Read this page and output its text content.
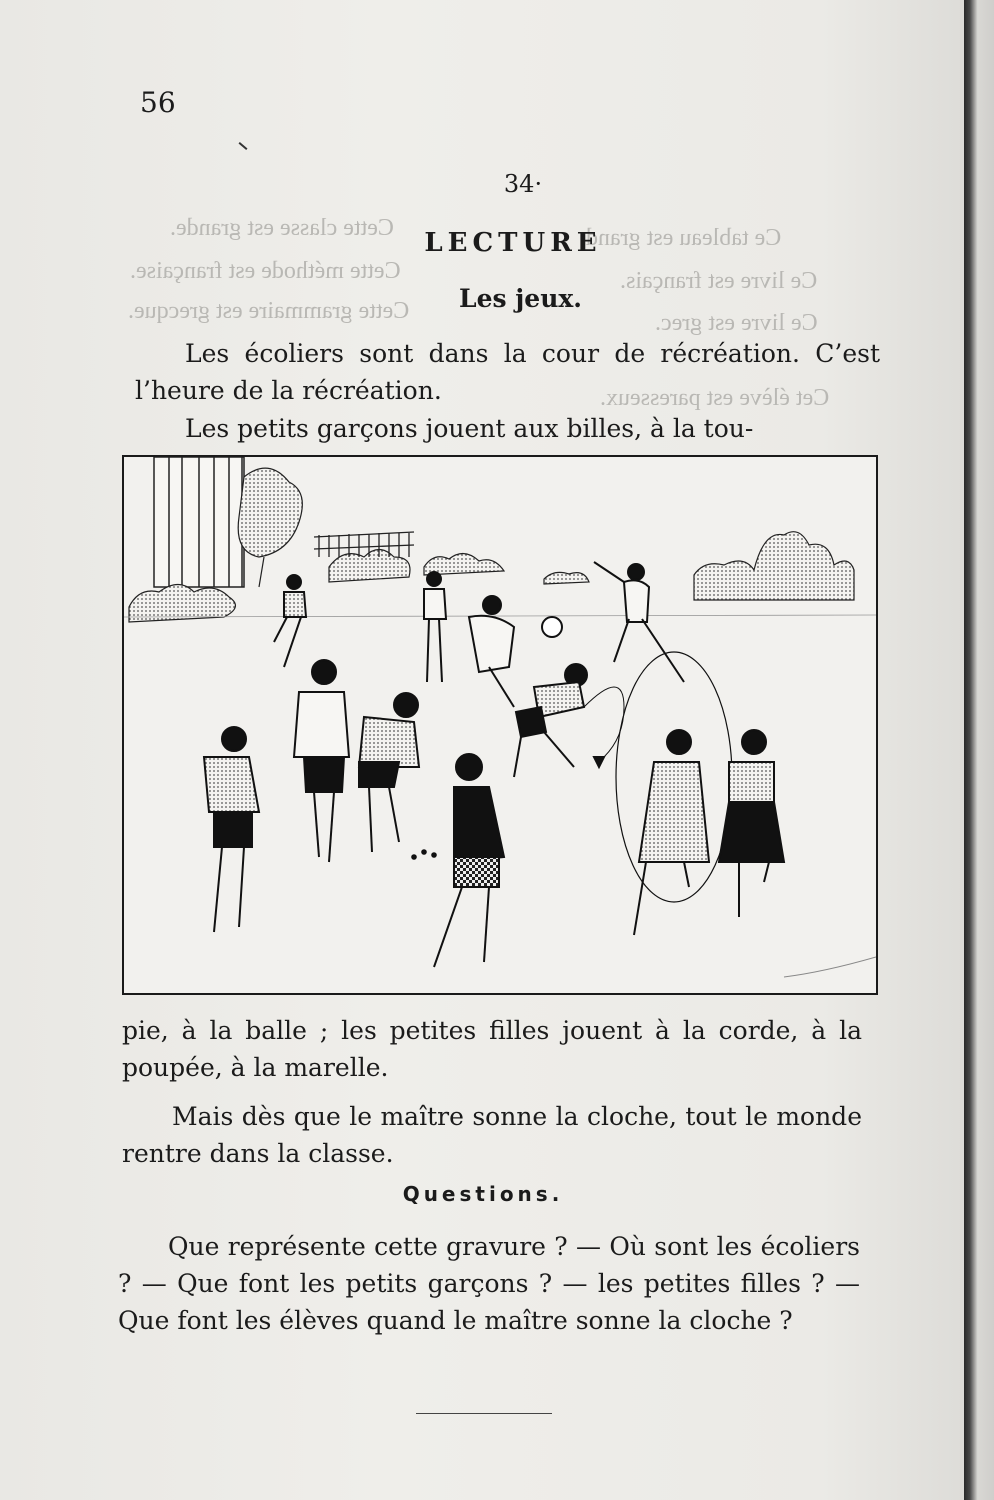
Ce tableau est grand.
Cette classe est grande.
Ce livre est français.
Cette méthode est française.
Ce livre est grec.
Cette grammaire est grecque.
Cet élève est paresseux.
56
34·
LECTURE
Les jeux.
Les écoliers sont dans la cour de récréation. C’est l’heure de la récréation.
Les petits garçons jouent aux billes, à la tou-
pie, à la balle ; les petites filles jouent à la corde, à la poupée, à la marelle.
Mais dès que le maître sonne la cloche, tout le monde rentre dans la classe.
Questions.
Que représente cette gravure ? — Où sont les écoliers ? — Que font les petits garçons ? — les petites filles ? — Que font les élèves quand le maître sonne la cloche ?
